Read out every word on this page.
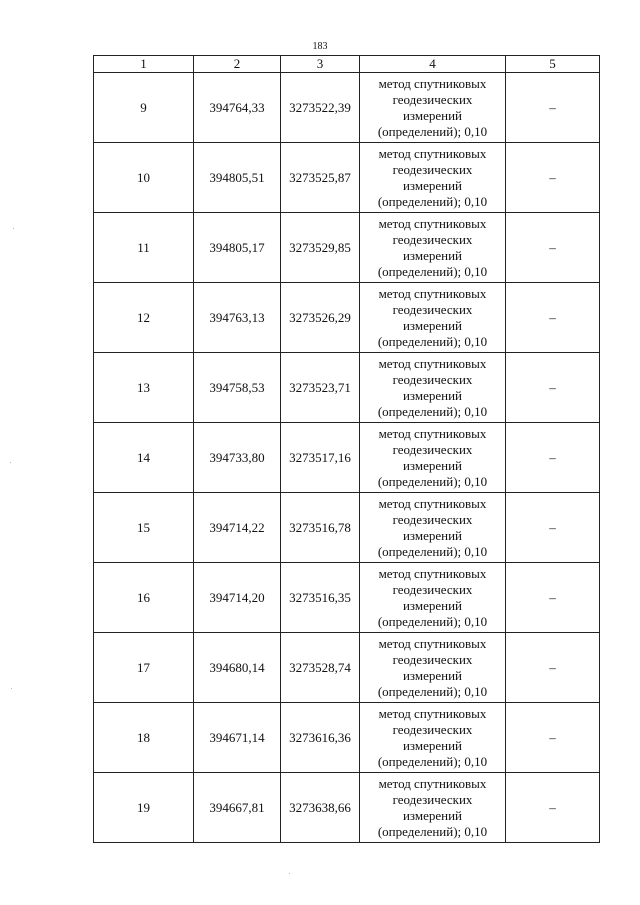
183
1	2	3	4	5
9	394764,33	3273522,39	метод спутниковых
геодезических
измерений
(определений); 0,10	–
10	394805,51	3273525,87	метод спутниковых
геодезических
измерений
(определений); 0,10	–
11	394805,17	3273529,85	метод спутниковых
геодезических
измерений
(определений); 0,10	–
12	394763,13	3273526,29	метод спутниковых
геодезических
измерений
(определений); 0,10	–
13	394758,53	3273523,71	метод спутниковых
геодезических
измерений
(определений); 0,10	–
14	394733,80	3273517,16	метод спутниковых
геодезических
измерений
(определений); 0,10	–
15	394714,22	3273516,78	метод спутниковых
геодезических
измерений
(определений); 0,10	–
16	394714,20	3273516,35	метод спутниковых
геодезических
измерений
(определений); 0,10	–
17	394680,14	3273528,74	метод спутниковых
геодезических
измерений
(определений); 0,10	–
18	394671,14	3273616,36	метод спутниковых
геодезических
измерений
(определений); 0,10	–
19	394667,81	3273638,66	метод спутниковых
геодезических
измерений
(определений); 0,10	–
